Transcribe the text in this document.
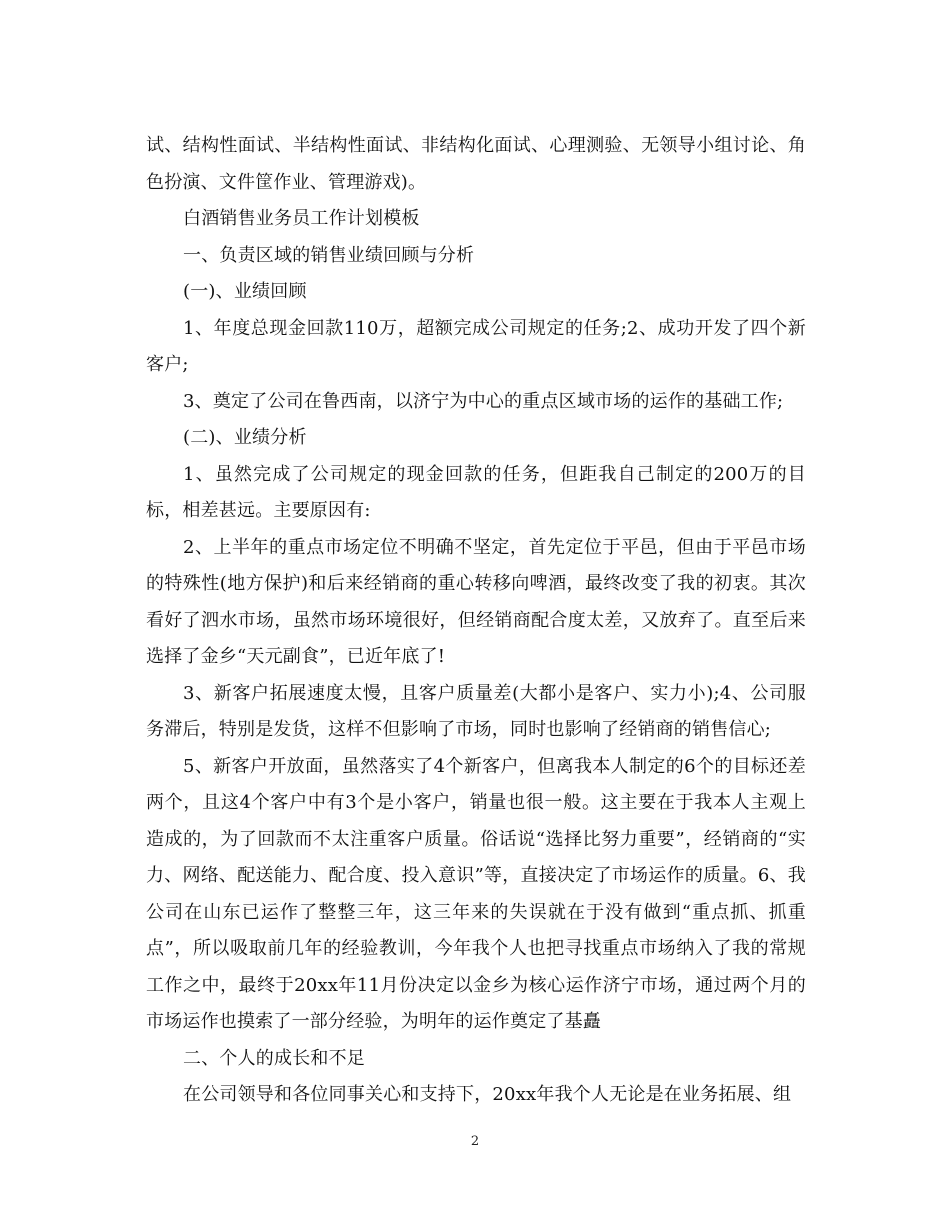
试、结构性面试、半结构性面试、非结构化面试、心理测验、无领导小组讨论、角色扮演、文件筐作业、管理游戏)。

白酒销售业务员工作计划模板

一、负责区域的销售业绩回顾与分析

(一)、业绩回顾

1、年度总现金回款110万，超额完成公司规定的任务;2、成功开发了四个新客户;

3、奠定了公司在鲁西南，以济宁为中心的重点区域市场的运作的基础工作;

(二)、业绩分析

1、虽然完成了公司规定的现金回款的任务，但距我自己制定的200万的目标，相差甚远。主要原因有:

2、上半年的重点市场定位不明确不坚定，首先定位于平邑，但由于平邑市场的特殊性(地方保护)和后来经销商的重心转移向啤酒，最终改变了我的初衷。其次看好了泗水市场，虽然市场环境很好，但经销商配合度太差，又放弃了。直至后来选择了金乡“天元副食”，已近年底了!

3、新客户拓展速度太慢，且客户质量差(大都小是客户、实力小);4、公司服务滞后，特别是发货，这样不但影响了市场，同时也影响了经销商的销售信心;

5、新客户开放面，虽然落实了4个新客户，但离我本人制定的6个的目标还差两个，且这4个客户中有3个是小客户，销量也很一般。这主要在于我本人主观上造成的，为了回款而不太注重客户质量。俗话说“选择比努力重要”，经销商的“实力、网络、配送能力、配合度、投入意识”等，直接决定了市场运作的质量。6、我公司在山东已运作了整整三年，这三年来的失误就在于没有做到“重点抓、抓重点”，所以吸取前几年的经验教训，今年我个人也把寻找重点市场纳入了我的常规工作之中，最终于20xx年11月份决定以金乡为核心运作济宁市场，通过两个月的市场运作也摸索了一部分经验，为明年的运作奠定了基矗

二、个人的成长和不足

在公司领导和各位同事关心和支持下，20xx年我个人无论是在业务拓展、组

2
